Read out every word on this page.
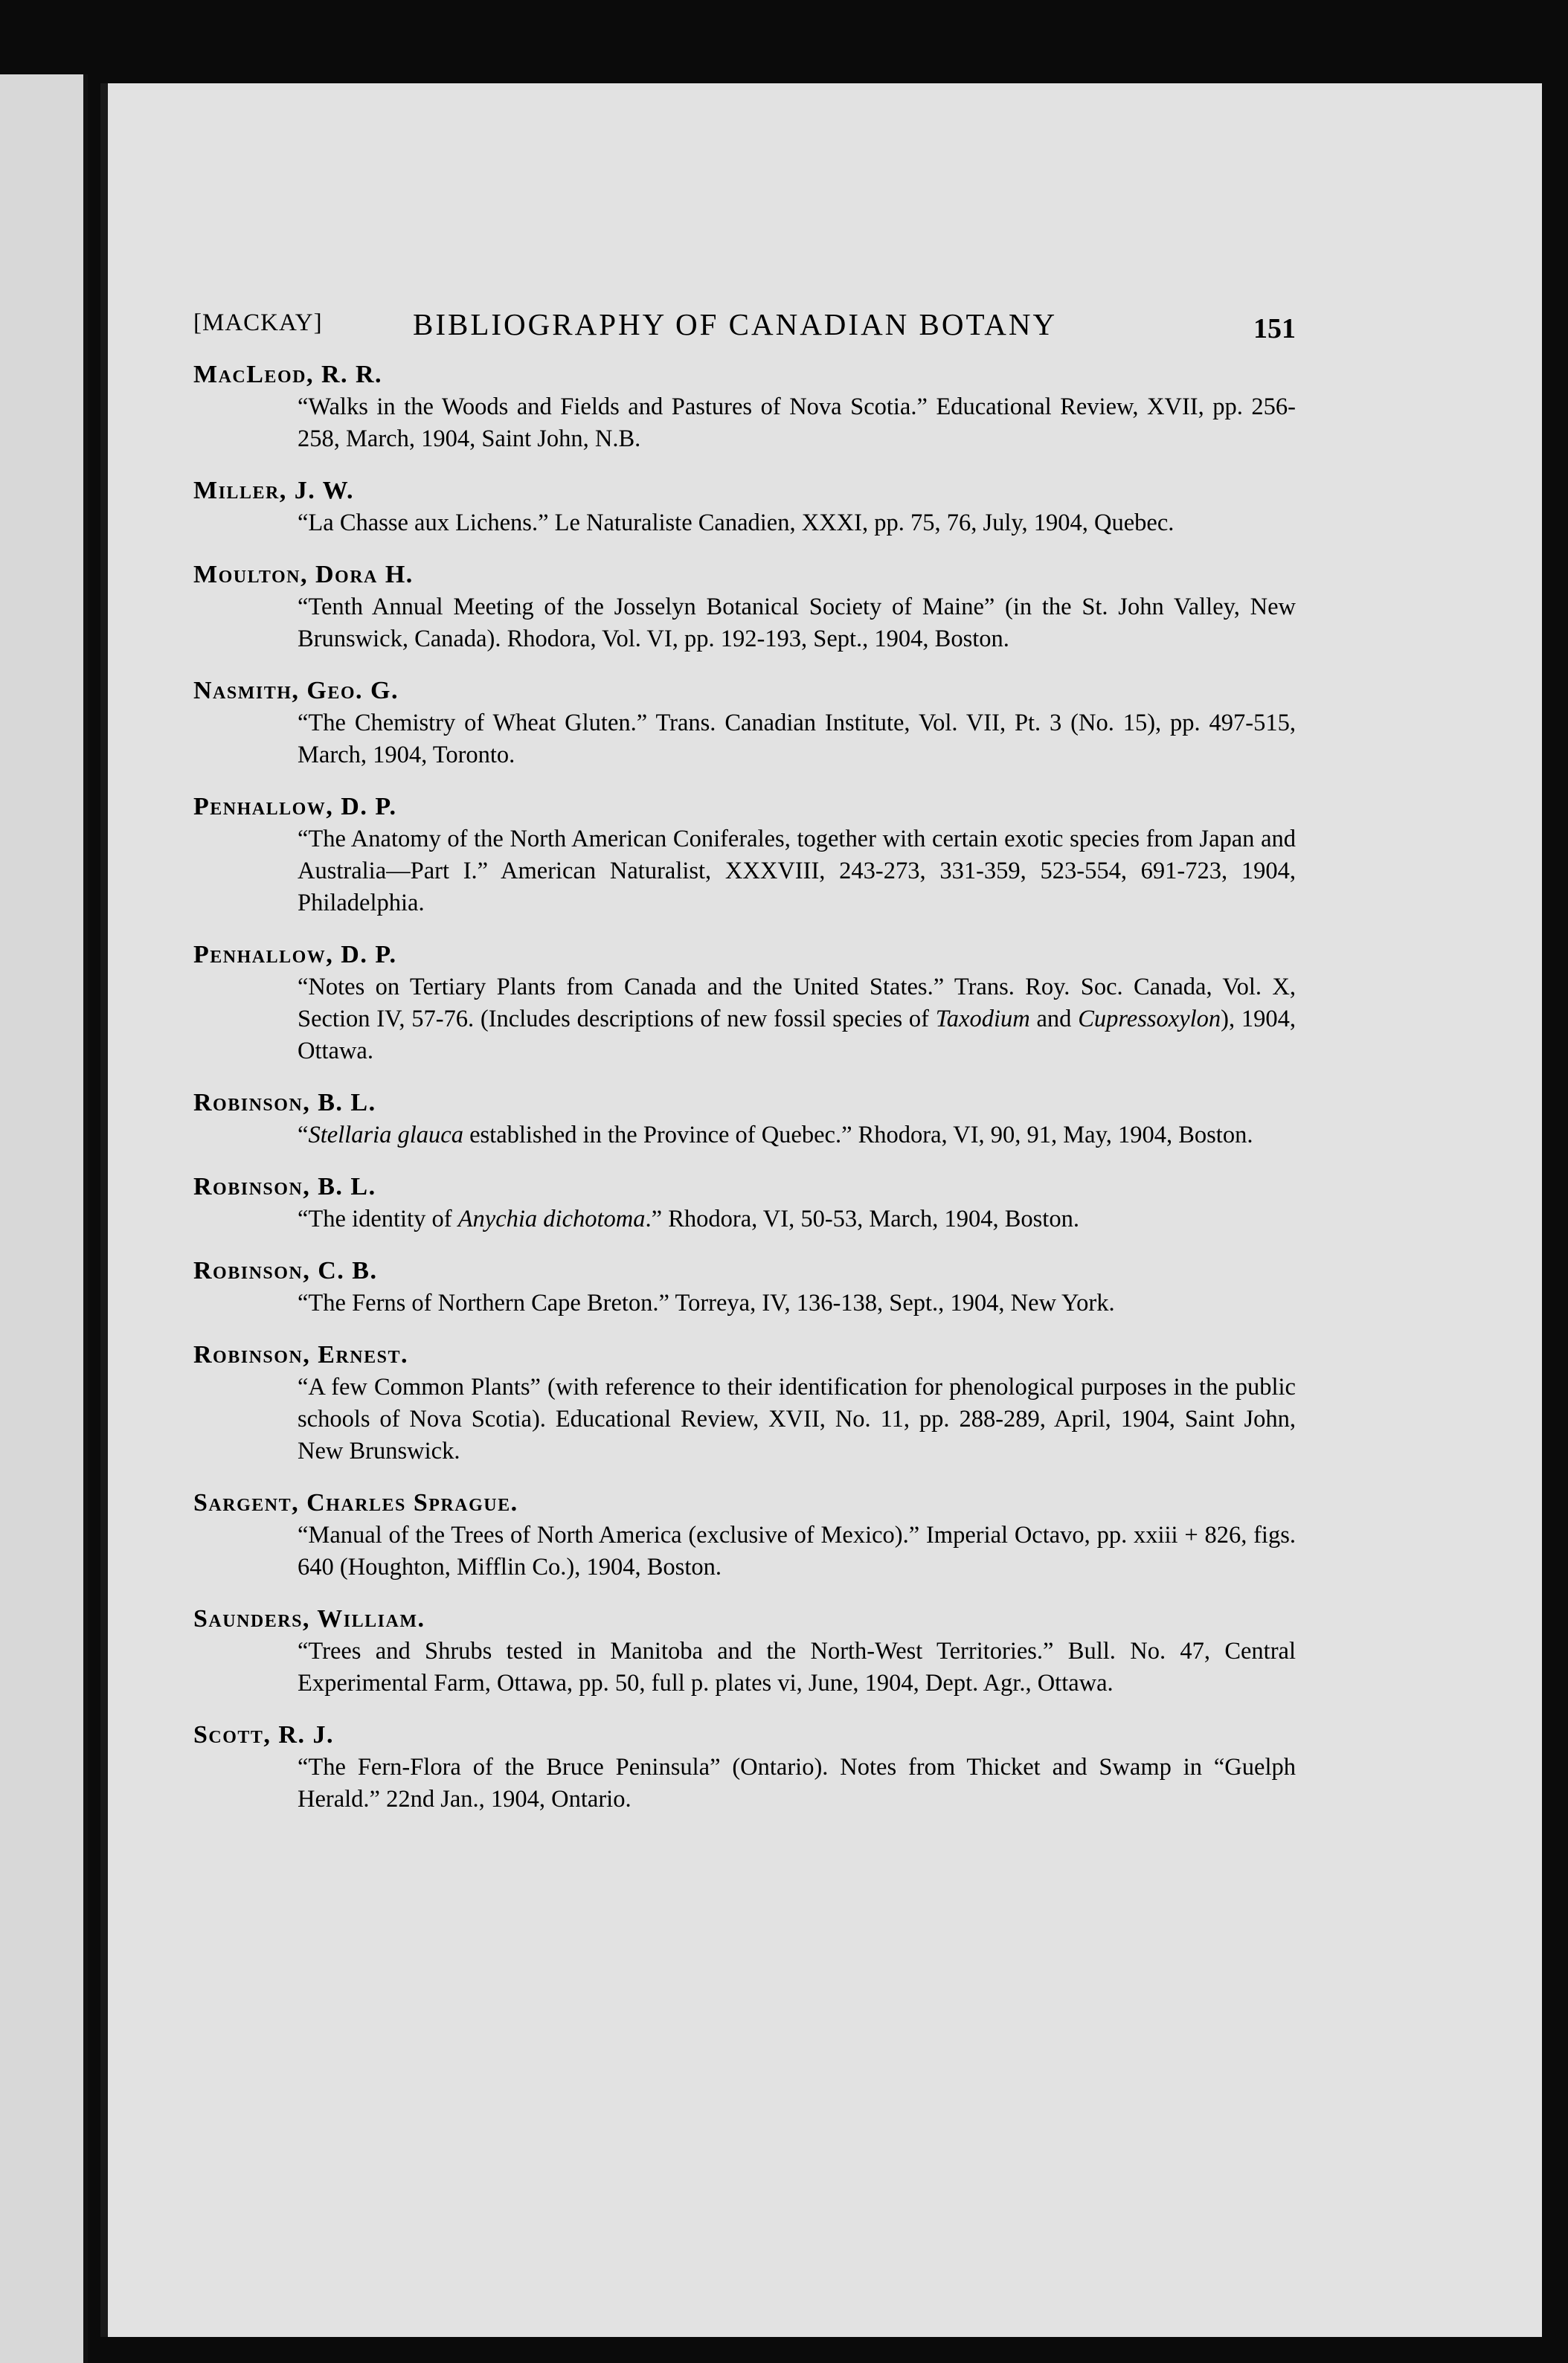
[MACKAY]	BIBLIOGRAPHY OF CANADIAN BOTANY	151
MacLeod, R. R.
“Walks in the Woods and Fields and Pastures of Nova Scotia.” Educational Review, XVII, pp. 256-258, March, 1904, Saint John, N.B.
Miller, J. W.
“La Chasse aux Lichens.” Le Naturaliste Canadien, XXXI, pp. 75, 76, July, 1904, Quebec.
Moulton, Dora H.
“Tenth Annual Meeting of the Josselyn Botanical Society of Maine” (in the St. John Valley, New Brunswick, Canada). Rhodora, Vol. VI, pp. 192-193, Sept., 1904, Boston.
Nasmith, Geo. G.
“The Chemistry of Wheat Gluten.” Trans. Canadian Institute, Vol. VII, Pt. 3 (No. 15), pp. 497-515, March, 1904, Toronto.
Penhallow, D. P.
“The Anatomy of the North American Coniferales, together with certain exotic species from Japan and Australia—Part I.” American Naturalist, XXXVIII, 243-273, 331-359, 523-554, 691-723, 1904, Philadelphia.
Penhallow, D. P.
“Notes on Tertiary Plants from Canada and the United States.” Trans. Roy. Soc. Canada, Vol. X, Section IV, 57-76. (Includes descriptions of new fossil species of Taxodium and Cupressoxylon), 1904, Ottawa.
Robinson, B. L.
“Stellaria glauca established in the Province of Quebec.” Rhodora, VI, 90, 91, May, 1904, Boston.
Robinson, B. L.
“The identity of Anychia dichotoma.” Rhodora, VI, 50-53, March, 1904, Boston.
Robinson, C. B.
“The Ferns of Northern Cape Breton.” Torreya, IV, 136-138, Sept., 1904, New York.
Robinson, Ernest.
“A few Common Plants” (with reference to their identification for phenological purposes in the public schools of Nova Scotia). Educational Review, XVII, No. 11, pp. 288-289, April, 1904, Saint John, New Brunswick.
Sargent, Charles Sprague.
“Manual of the Trees of North America (exclusive of Mexico).” Imperial Octavo, pp. xxiii + 826, figs. 640 (Houghton, Mifflin Co.), 1904, Boston.
Saunders, William.
“Trees and Shrubs tested in Manitoba and the North-West Territories.” Bull. No. 47, Central Experimental Farm, Ottawa, pp. 50, full p. plates vi, June, 1904, Dept. Agr., Ottawa.
Scott, R. J.
“The Fern-Flora of the Bruce Peninsula” (Ontario). Notes from Thicket and Swamp in “Guelph Herald.” 22nd Jan., 1904, Ontario.
